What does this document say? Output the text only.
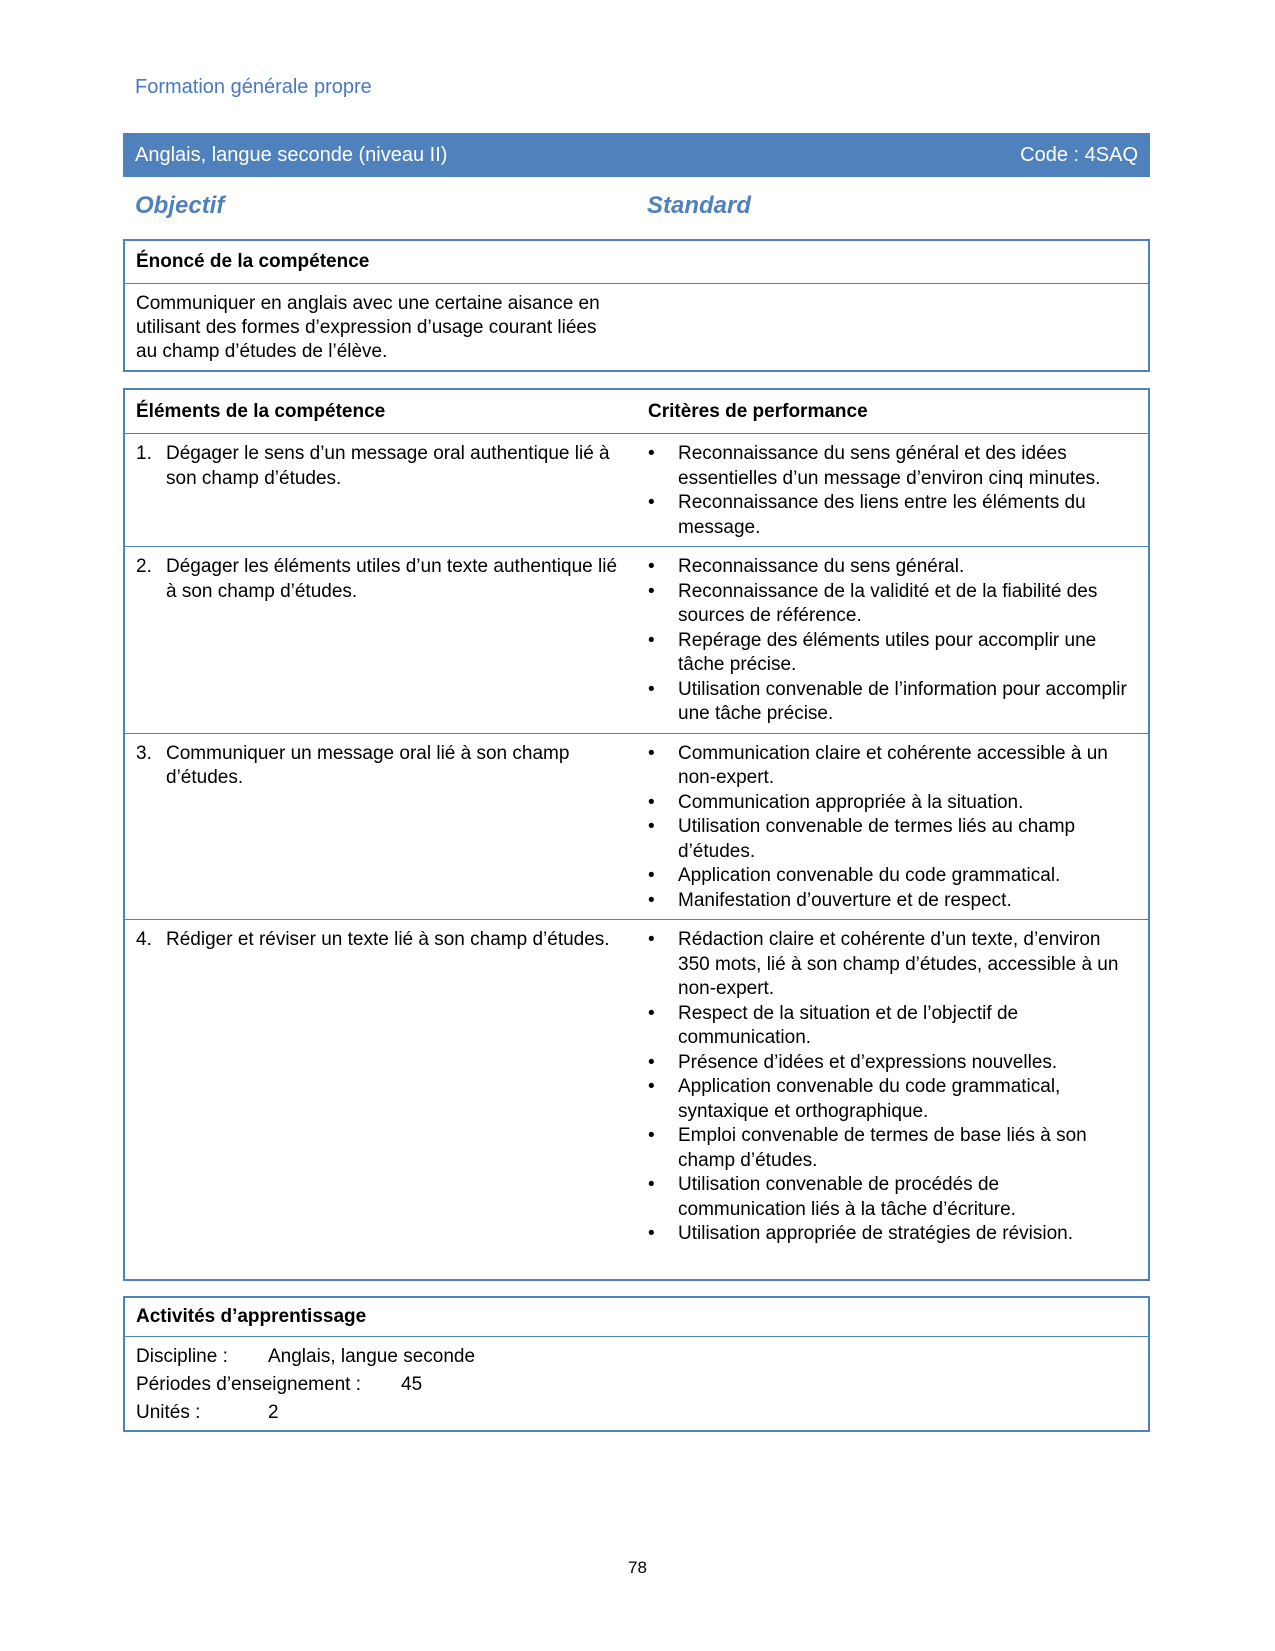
Formation générale propre
Anglais, langue seconde (niveau II)	Code : 4SAQ
Objectif	Standard
Énoncé de la compétence
Communiquer en anglais avec une certaine aisance en utilisant des formes d’expression d’usage courant liées au champ d’études de l’élève.
Éléments de la compétence	Critères de performance
1. Dégager le sens d’un message oral authentique lié à son champ d’études.
•	Reconnaissance du sens général et des idées essentielles d’un message d’environ cinq minutes.
•	Reconnaissance des liens entre les éléments du message.
2. Dégager les éléments utiles d’un texte authentique lié à son champ d’études.
•	Reconnaissance du sens général.
•	Reconnaissance de la validité et de la fiabilité des sources de référence.
•	Repérage des éléments utiles pour accomplir une tâche précise.
•	Utilisation convenable de l’information pour accomplir une tâche précise.
3. Communiquer un message oral lié à son champ d’études.
•	Communication claire et cohérente accessible à un non-expert.
•	Communication appropriée à la situation.
•	Utilisation convenable de termes liés au champ d’études.
•	Application convenable du code grammatical.
•	Manifestation d’ouverture et de respect.
4. Rédiger et réviser un texte lié à son champ d’études. •	Rédaction claire et cohérente d’un texte, d’environ 350 mots, lié à son champ d’études, accessible à un non-expert.
•	Respect de la situation et de l’objectif de communication.
•	Présence d’idées et d’expressions nouvelles.
•	Application convenable du code grammatical, syntaxique et orthographique.
•	Emploi convenable de termes de base liés à son champ d’études.
•	Utilisation convenable de procédés de communication liés à la tâche d’écriture.
•	Utilisation appropriée de stratégies de révision.
Activités d’apprentissage
Discipline :	Anglais, langue seconde
Périodes d’enseignement :	45
Unités :	2
78
